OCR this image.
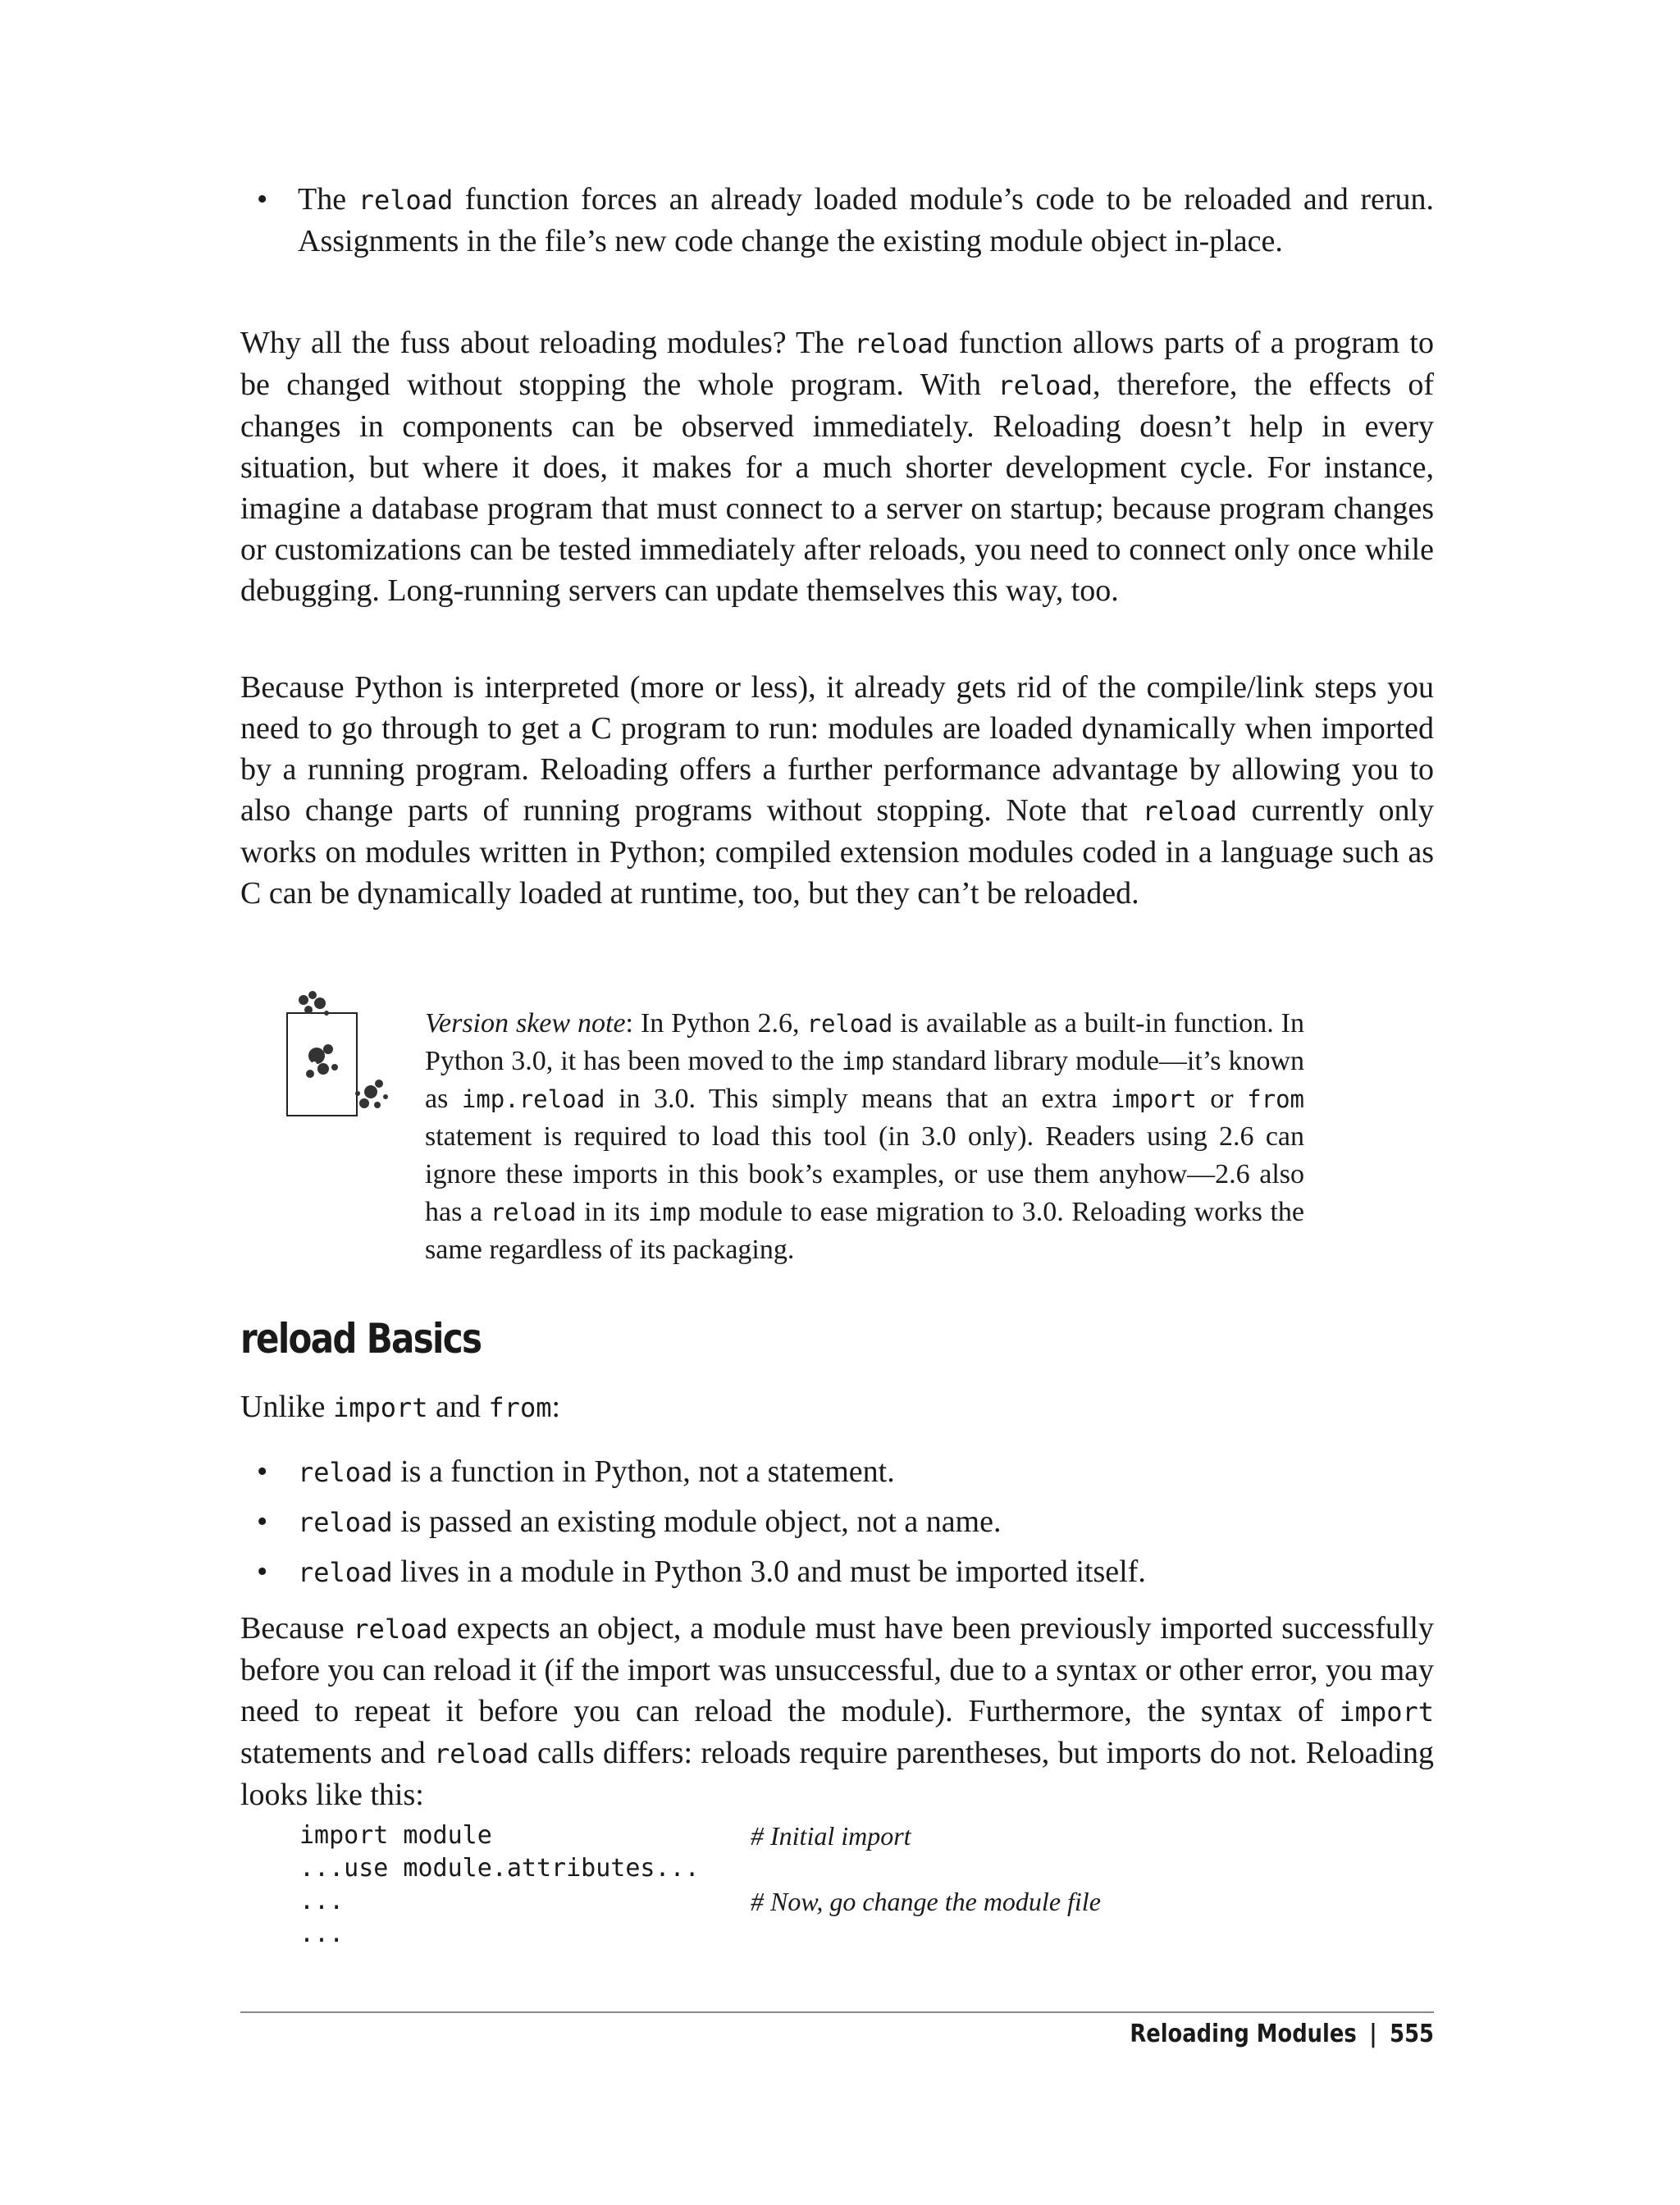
• The reload function forces an already loaded module’s code to be reloaded and rerun. Assignments in the file’s new code change the existing module object in-place.

Why all the fuss about reloading modules? The reload function allows parts of a program to be changed without stopping the whole program. With reload, therefore, the effects of changes in components can be observed immediately. Reloading doesn’t help in every situation, but where it does, it makes for a much shorter development cycle. For instance, imagine a database program that must connect to a server on startup; because program changes or customizations can be tested immediately after reloads, you need to connect only once while debugging. Long-running servers can update themselves this way, too.

Because Python is interpreted (more or less), it already gets rid of the compile/link steps you need to go through to get a C program to run: modules are loaded dynamically when imported by a running program. Reloading offers a further performance advantage by allowing you to also change parts of running programs without stopping. Note that reload currently only works on modules written in Python; compiled extension modules coded in a language such as C can be dynamically loaded at runtime, too, but they can’t be reloaded.

Version skew note: In Python 2.6, reload is available as a built-in function. In Python 3.0, it has been moved to the imp standard library module—it’s known as imp.reload in 3.0. This simply means that an extra import or from statement is required to load this tool (in 3.0 only). Readers using 2.6 can ignore these imports in this book’s examples, or use them anyhow—2.6 also has a reload in its imp module to ease migration to 3.0. Reloading works the same regardless of its packaging.

reload Basics

Unlike import and from:

• reload is a function in Python, not a statement.
• reload is passed an existing module object, not a name.
• reload lives in a module in Python 3.0 and must be imported itself.

Because reload expects an object, a module must have been previously imported successfully before you can reload it (if the import was unsuccessful, due to a syntax or other error, you may need to repeat it before you can reload the module). Furthermore, the syntax of import statements and reload calls differs: reloads require parentheses, but imports do not. Reloading looks like this:

import module	# Initial import
...use module.attributes...
...	# Now, go change the module file
...
Reloading Modules | 555
